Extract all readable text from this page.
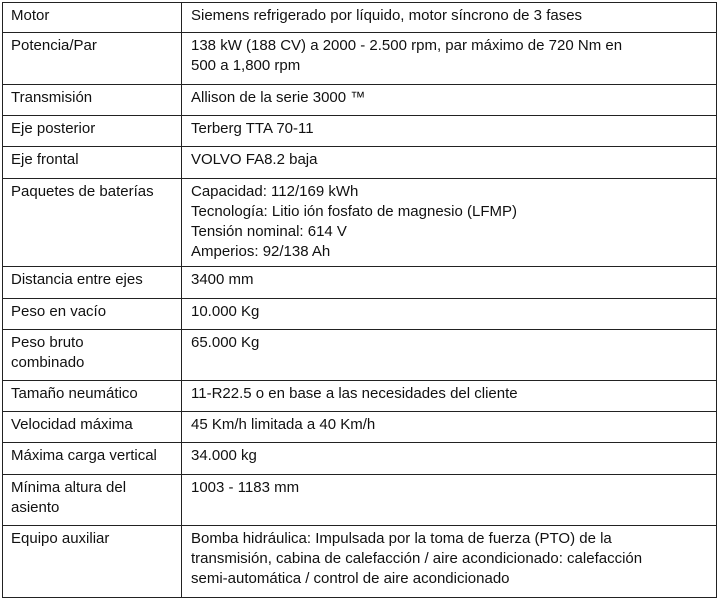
Motor	Siemens refrigerado por líquido, motor síncrono de 3 fases
Potencia/Par	138 kW (188 CV) a 2000 - 2.500 rpm, par máximo de 720 Nm en
500 a 1,800 rpm
Transmisión	Allison de la serie 3000 ™
Eje posterior	Terberg TTA 70-11
Eje frontal	VOLVO FA8.2 baja
Paquetes de baterías	Capacidad: 112/169 kWh
Tecnología: Litio ión fosfato de magnesio (LFMP)
Tensión nominal: 614 V
Amperios: 92/138 Ah
Distancia entre ejes	3400 mm
Peso en vacío	10.000 Kg
Peso bruto
combinado	65.000 Kg
Tamaño neumático	11-R22.5 o en base a las necesidades del cliente
Velocidad máxima	45 Km/h limitada a 40 Km/h
Máxima carga vertical	34.000 kg
Mínima altura del
asiento	1003 - 1183 mm
Equipo auxiliar	Bomba hidráulica: Impulsada por la toma de fuerza (PTO) de la
transmisión, cabina de calefacción / aire acondicionado: calefacción
semi-automática / control de aire acondicionado
